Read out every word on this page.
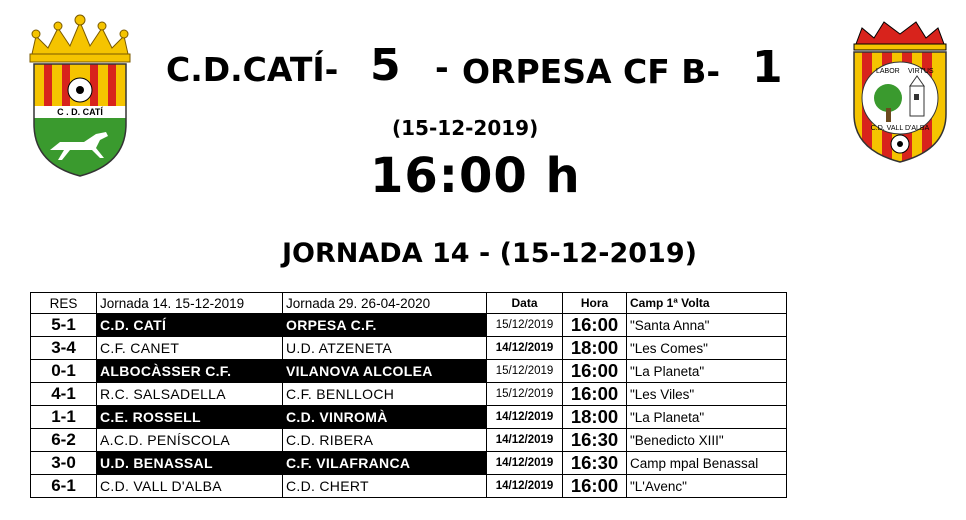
C . D. CATÍ
LABOR VIRTUS
C.D. VALL D'ALBA
C.D.CATÍ- 5 - ORPESA CF B- 1
(15-12-2019)
16:00 h
JORNADA 14 - (15-12-2019)
RES	Jornada 14. 15-12-2019	Jornada 29. 26-04-2020	Data	Hora	Camp 1ª Volta
5-1	C.D. CATÍ	ORPESA C.F.	15/12/2019	16:00	"Santa Anna"
3-4	C.F. CANET	U.D. ATZENETA	14/12/2019	18:00	"Les Comes"
0-1	ALBOCÀSSER C.F.	VILANOVA ALCOLEA	15/12/2019	16:00	"La Planeta"
4-1	R.C. SALSADELLA	C.F. BENLLOCH	15/12/2019	16:00	"Les Viles"
1-1	C.E. ROSSELL	C.D. VINROMÀ	14/12/2019	18:00	"La Planeta"
6-2	A.C.D. PENÍSCOLA	C.D. RIBERA	14/12/2019	16:30	"Benedicto XIII"
3-0	U.D. BENASSAL	C.F. VILAFRANCA	14/12/2019	16:30	Camp mpal Benassal
6-1	C.D. VALL D'ALBA	C.D. CHERT	14/12/2019	16:00	"L'Avenc"
